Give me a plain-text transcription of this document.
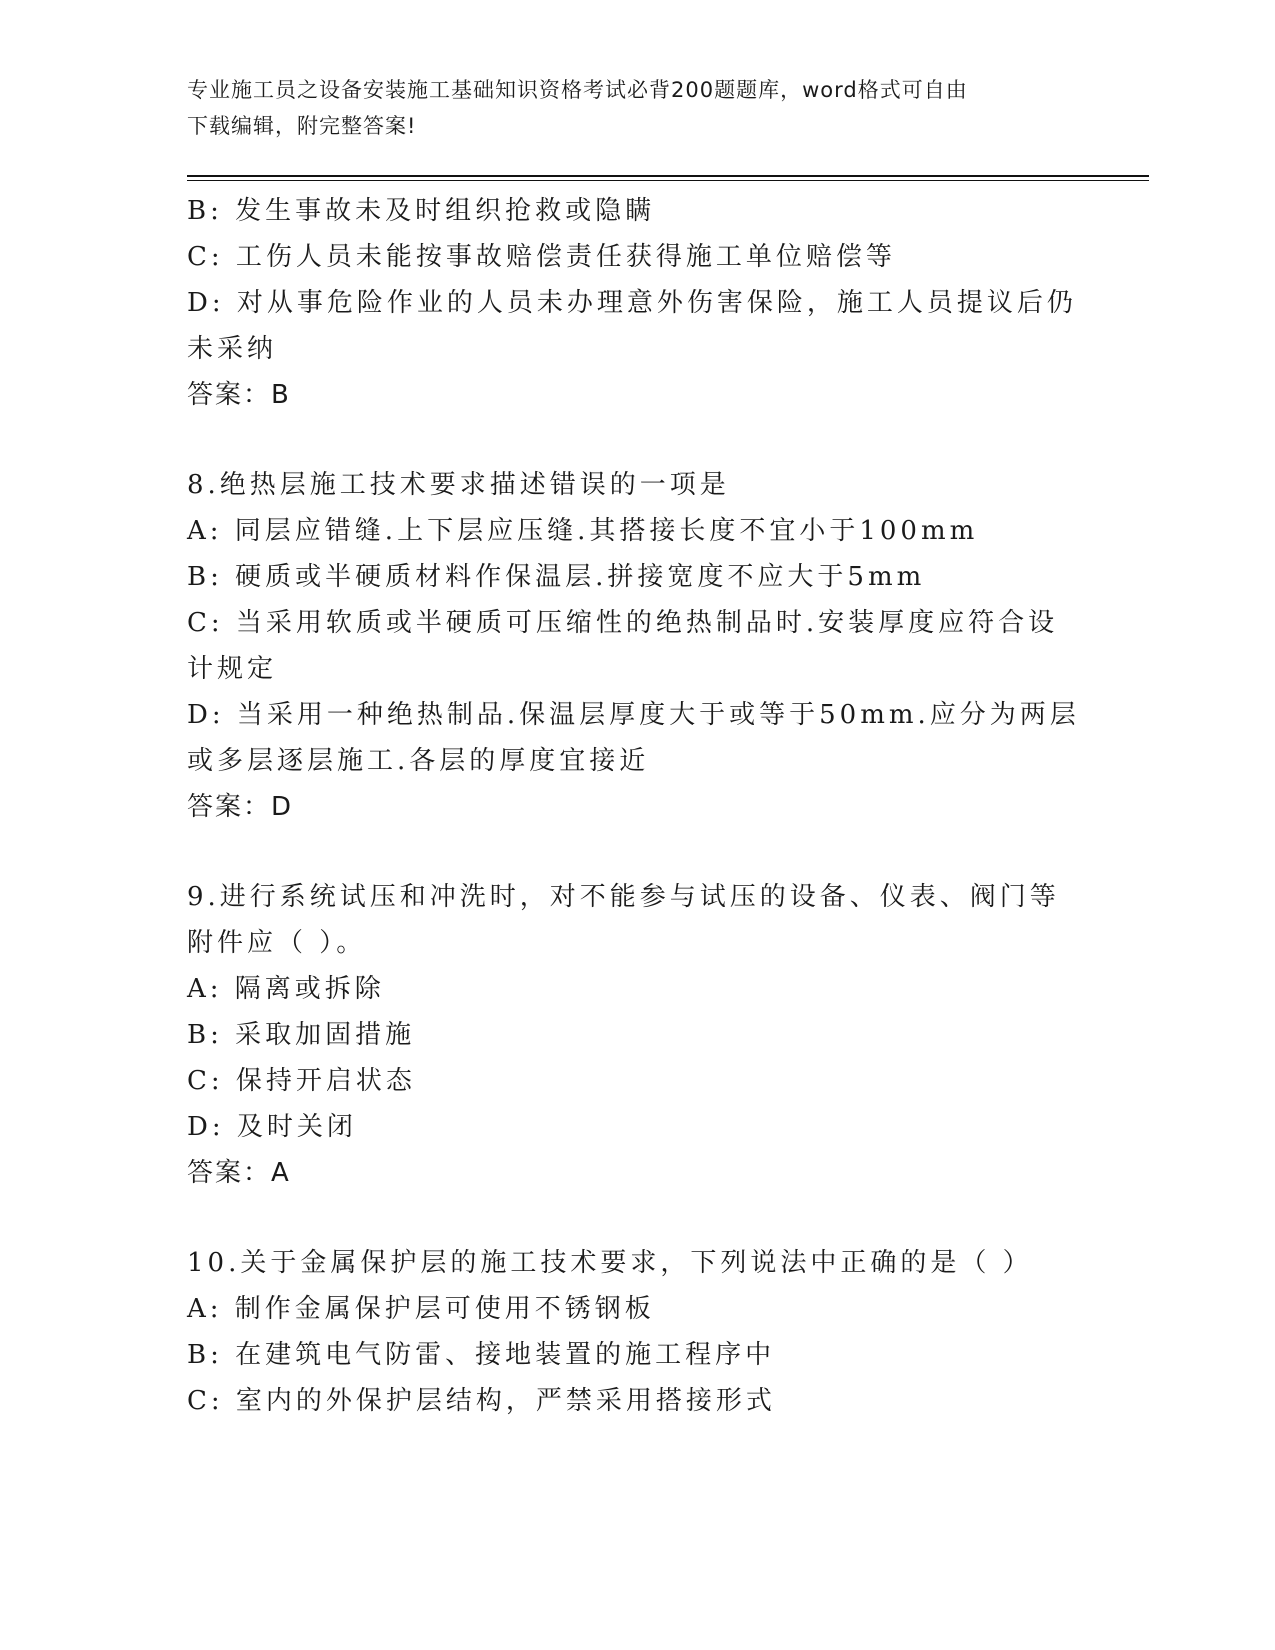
专业施工员之设备安装施工基础知识资格考试必背200题题库，word格式可自由
下载编辑，附完整答案!

B: 发生事故未及时组织抢救或隐瞒

C: 工伤人员未能按事故赔偿责任获得施工单位赔偿等

D: 对从事危险作业的人员未办理意外伤害保险，施工人员提议后仍未采纳

答案：B

8.绝热层施工技术要求描述错误的一项是

A: 同层应错缝.上下层应压缝.其搭接长度不宜小于100mm

B: 硬质或半硬质材料作保温层.拼接宽度不应大于5mm

C: 当采用软质或半硬质可压缩性的绝热制品时.安装厚度应符合设计规定

D: 当采用一种绝热制品.保温层厚度大于或等于50mm.应分为两层或多层逐层施工.各层的厚度宜接近

答案：D

9.进行系统试压和冲洗时，对不能参与试压的设备、仪表、阀门等附件应（ ）。

A: 隔离或拆除

B: 采取加固措施

C: 保持开启状态

D: 及时关闭

答案：A

10.关于金属保护层的施工技术要求，下列说法中正确的是（ ）

A: 制作金属保护层可使用不锈钢板

B: 在建筑电气防雷、接地装置的施工程序中

C: 室内的外保护层结构，严禁采用搭接形式
